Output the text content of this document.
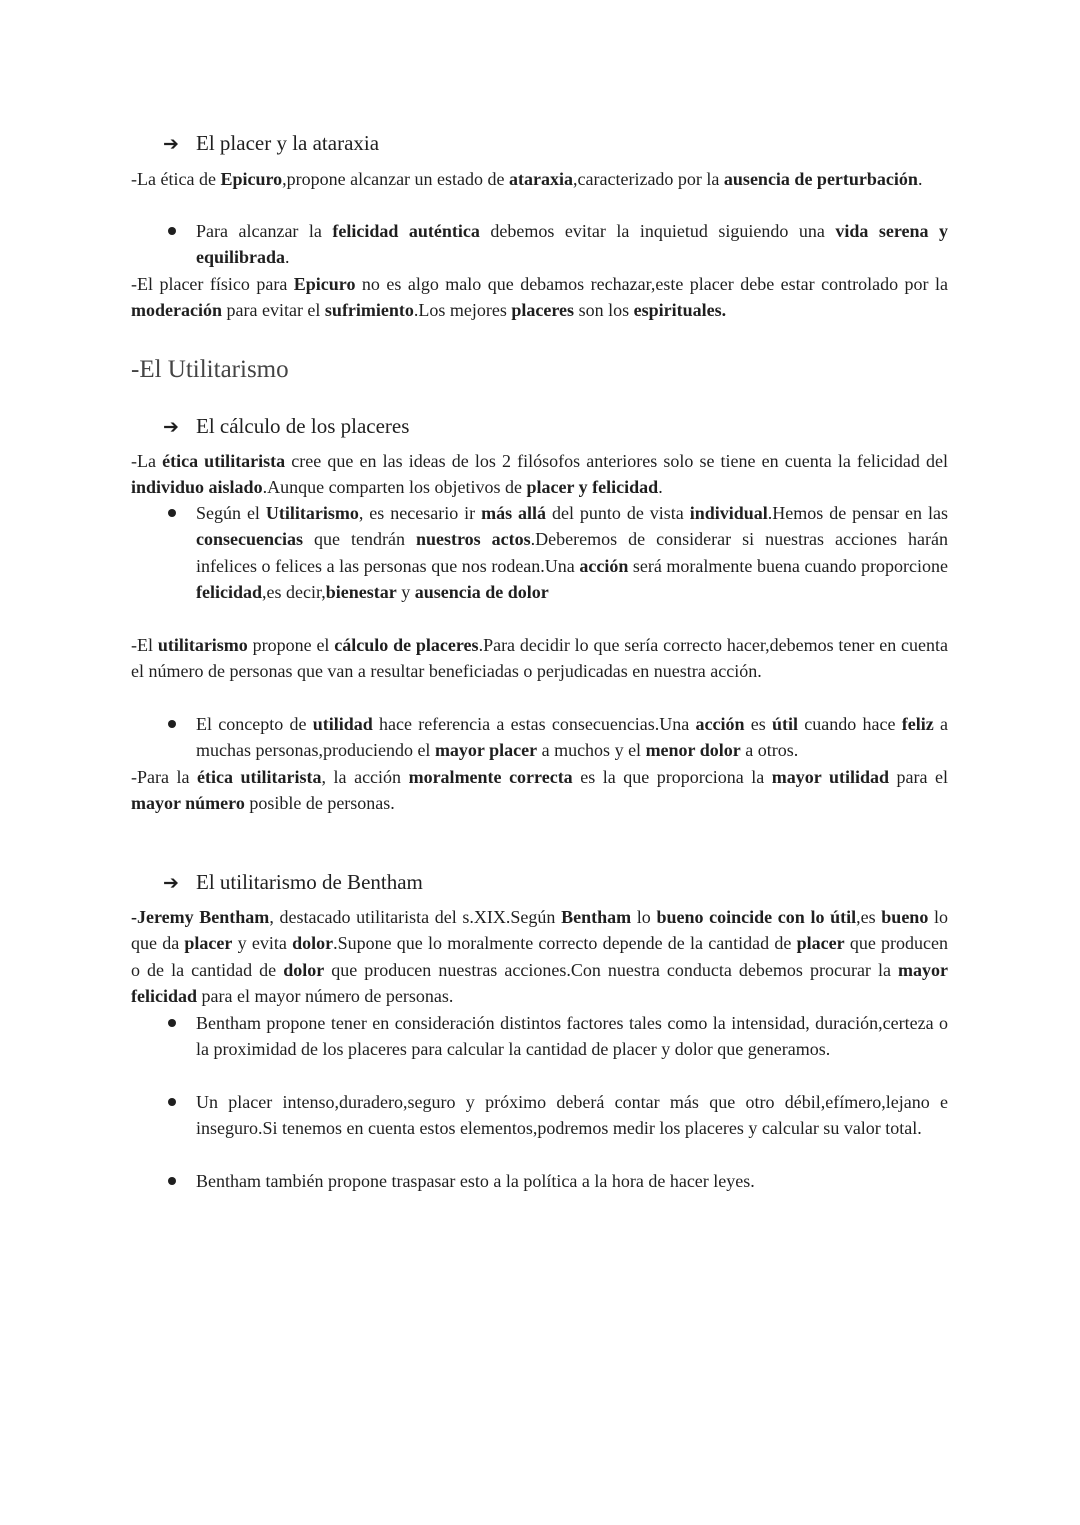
➔ El placer y la ataraxia
-La ética de Epicuro,propone alcanzar un estado de ataraxia,caracterizado por la ausencia de perturbación.
Para alcanzar la felicidad auténtica debemos evitar la inquietud siguiendo una vida serena y equilibrada.
-El placer físico para Epicuro no es algo malo que debamos rechazar,este placer debe estar controlado por la moderación para evitar el sufrimiento.Los mejores placeres son los espirituales.
-El Utilitarismo
➔ El cálculo de los placeres
-La ética utilitarista cree que en las ideas de los 2 filósofos anteriores solo se tiene en cuenta la felicidad del individuo aislado.Aunque comparten los objetivos de placer y felicidad.
Según el Utilitarismo, es necesario ir más allá del punto de vista individual.Hemos de pensar en las consecuencias que tendrán nuestros actos.Deberemos de considerar si nuestras acciones harán infelices o felices a las personas que nos rodean.Una acción será moralmente buena cuando proporcione felicidad,es decir,bienestar y ausencia de dolor
-El utilitarismo propone el cálculo de placeres.Para decidir lo que sería correcto hacer,debemos tener en cuenta el número de personas que van a resultar beneficiadas o perjudicadas en nuestra acción.
El concepto de utilidad hace referencia a estas consecuencias.Una acción es útil cuando hace feliz a muchas personas,produciendo el mayor placer a muchos y el menor dolor a otros.
-Para la ética utilitarista, la acción moralmente correcta es la que proporciona la mayor utilidad para el mayor número posible de personas.
➔ El utilitarismo de Bentham
-Jeremy Bentham, destacado utilitarista del s.XIX.Según Bentham lo bueno coincide con lo útil,es bueno lo que da placer y evita dolor.Supone que lo moralmente correcto depende de la cantidad de placer que producen o de la cantidad de dolor que producen nuestras acciones.Con nuestra conducta debemos procurar la mayor felicidad para el mayor número de personas.
Bentham propone tener en consideración distintos factores tales como la intensidad, duración,certeza o la proximidad de los placeres para calcular la cantidad de placer y dolor que generamos.
Un placer intenso,duradero,seguro y próximo deberá contar más que otro débil,efímero,lejano e inseguro.Si tenemos en cuenta estos elementos,podremos medir los placeres y calcular su valor total.
Bentham también propone traspasar esto a la política a la hora de hacer leyes.
